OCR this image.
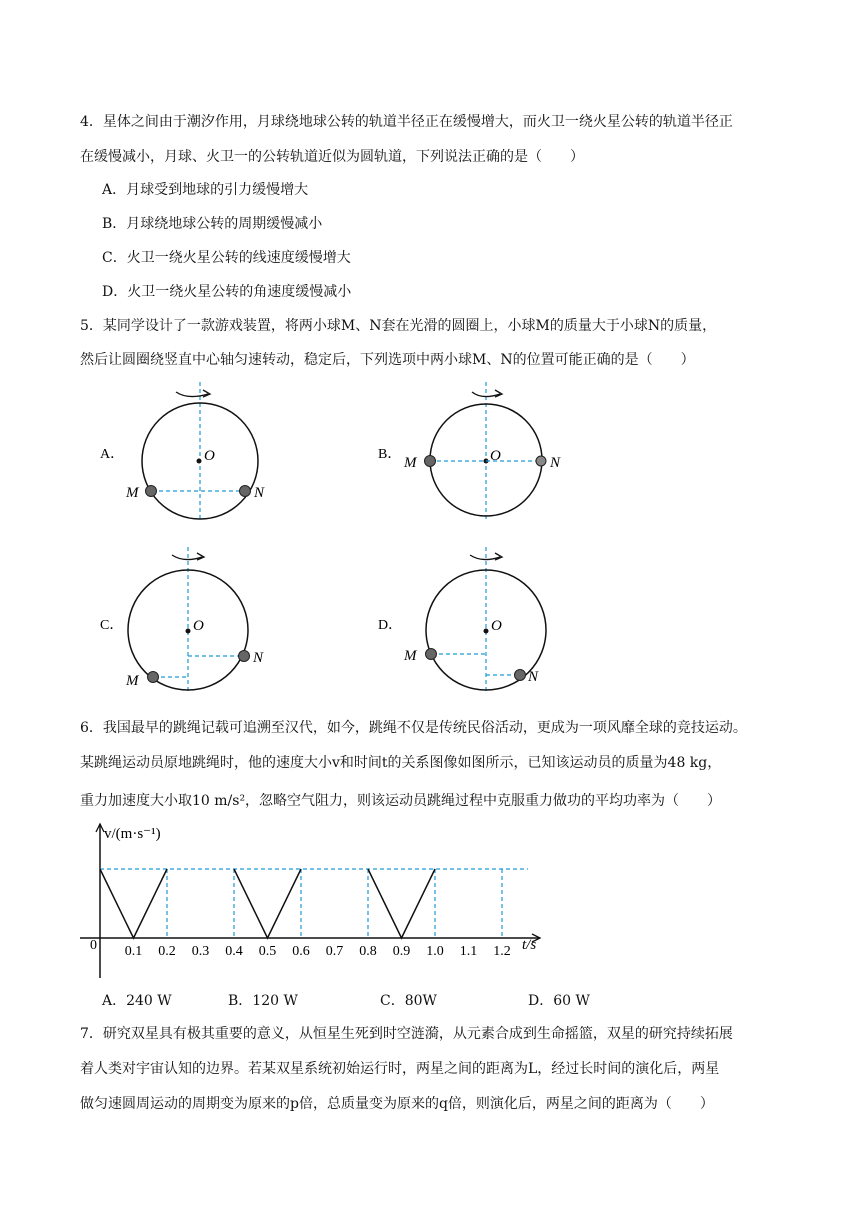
4．星体之间由于潮汐作用，月球绕地球公转的轨道半径正在缓慢增大，而火卫一绕火星公转的轨道半径正
在缓慢减小，月球、火卫一的公转轨道近似为圆轨道，下列说法正确的是（　　）
A．月球受到地球的引力缓慢增大
B．月球绕地球公转的周期缓慢减小
C．火卫一绕火星公转的线速度缓慢增大
D．火卫一绕火星公转的角速度缓慢减小
5．某同学设计了一款游戏装置，将两小球M、N套在光滑的圆圈上，小球M的质量大于小球N的质量，
然后让圆圈绕竖直中心轴匀速转动，稳定后，下列选项中两小球M、N的位置可能正确的是（　　）
A．	O
M	N
B．	O
M	N
C．	O
N
M
D．	O
M
N
6．我国最早的跳绳记载可追溯至汉代，如今，跳绳不仅是传统民俗活动，更成为一项风靡全球的竞技运动。
某跳绳运动员原地跳绳时，他的速度大小v和时间t的关系图像如图所示，已知该运动员的质量为48 kg，
重力加速度大小取10 m/s²，忽略空气阻力，则该运动员跳绳过程中克服重力做功的平均功率为（　　）
v/(m·s⁻¹)
t/s
0 0.1 0.2 0.3 0.4 0.5 0.6 0.7 0.8 0.9 1.0 1.1 1.2
A．240 W	B．120 W	C．80W	D．60 W
7．研究双星具有极其重要的意义，从恒星生死到时空涟漪，从元素合成到生命摇篮，双星的研究持续拓展
着人类对宇宙认知的边界。若某双星系统初始运行时，两星之间的距离为L，经过长时间的演化后，两星
做匀速圆周运动的周期变为原来的p倍，总质量变为原来的q倍，则演化后，两星之间的距离为（　　）
